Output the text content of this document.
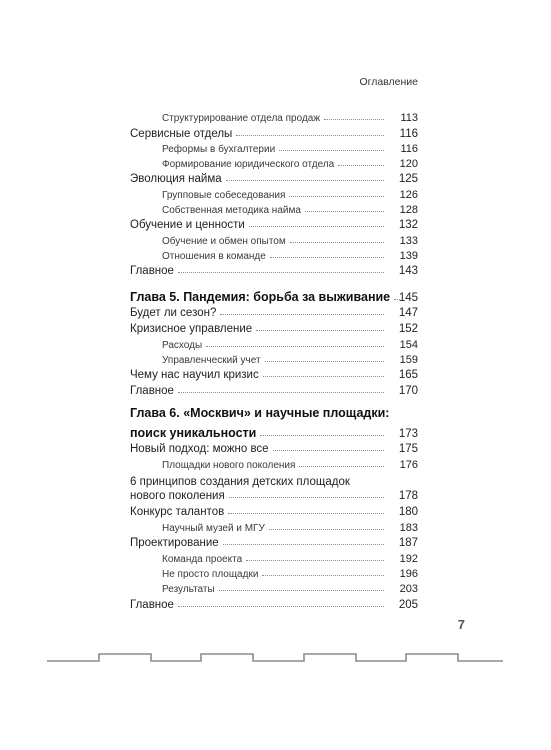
Оглавление
Структурирование отдела продаж	113
Сервисные отделы	116
Реформы в бухгалтерии	116
Формирование юридического отдела	120
Эволюция найма	125
Групповые собеседования	126
Собственная методика найма	128
Обучение и ценности	132
Обучение и обмен опытом	133
Отношения в команде	139
Главное	143
Глава 5. Пандемия: борьба за выживание 145
Будет ли сезон?	147
Кризисное управление	152
Расходы	154
Управленческий учет	159
Чему нас научил кризис	165
Главное	170
Глава 6. «Москвич» и научные площадки:
поиск уникальности	173
Новый подход: можно все	175
Площадки нового поколения	176
6 принципов создания детских площадок
нового поколения	178
Конкурс талантов	180
Научный музей и МГУ	183
Проектирование	187
Команда проекта	192
Не просто площадки	196
Результаты	203
Главное	205
7
